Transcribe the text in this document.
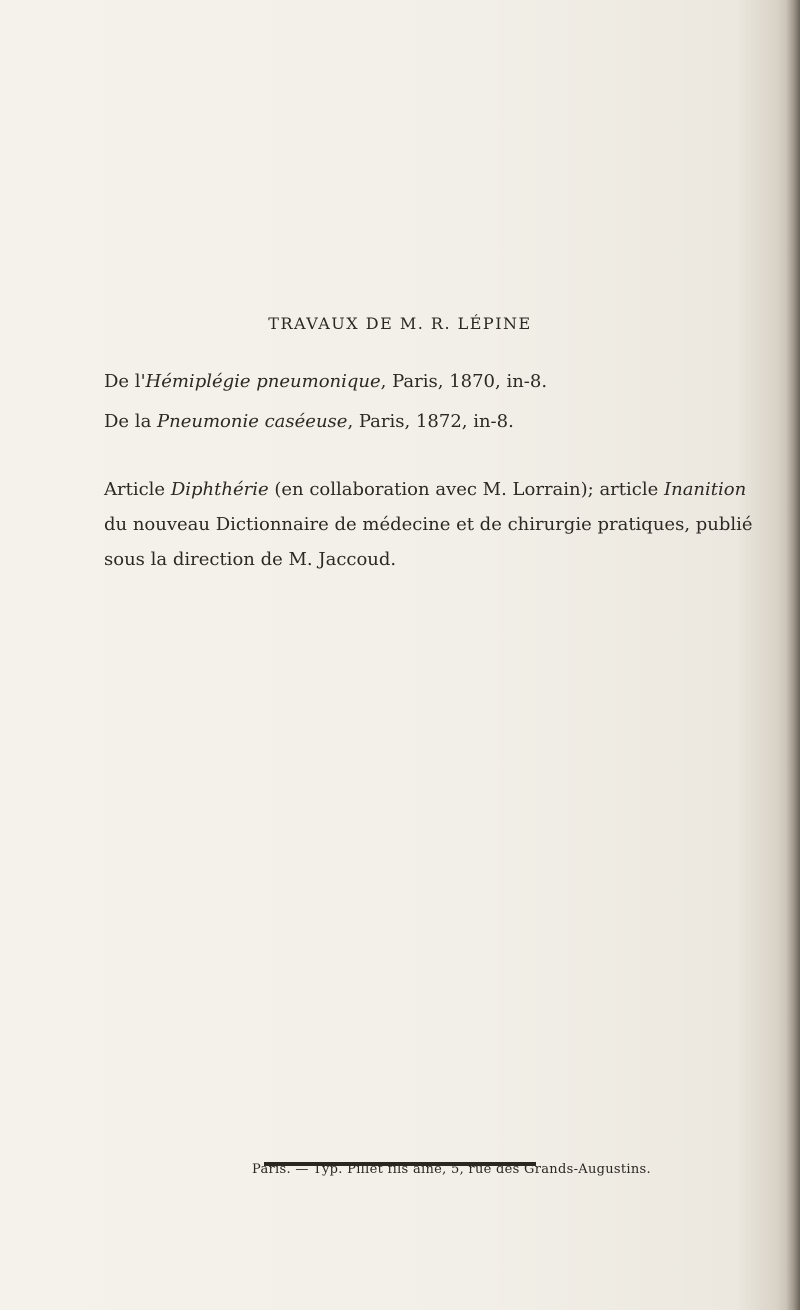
TRAVAUX DE M. R. LÉPINE
De l'Hémiplégie pneumonique, Paris, 1870, in-8.
De la Pneumonie caséeuse, Paris, 1872, in-8.
Article Diphthérie (en collaboration avec M. Lorrain); article Inanition du nouveau Dictionnaire de médecine et de chirurgie pratiques, publié sous la direction de M. Jaccoud.
Paris. — Typ. Pillet fils aîné, 5, rue des Grands-Augustins.
